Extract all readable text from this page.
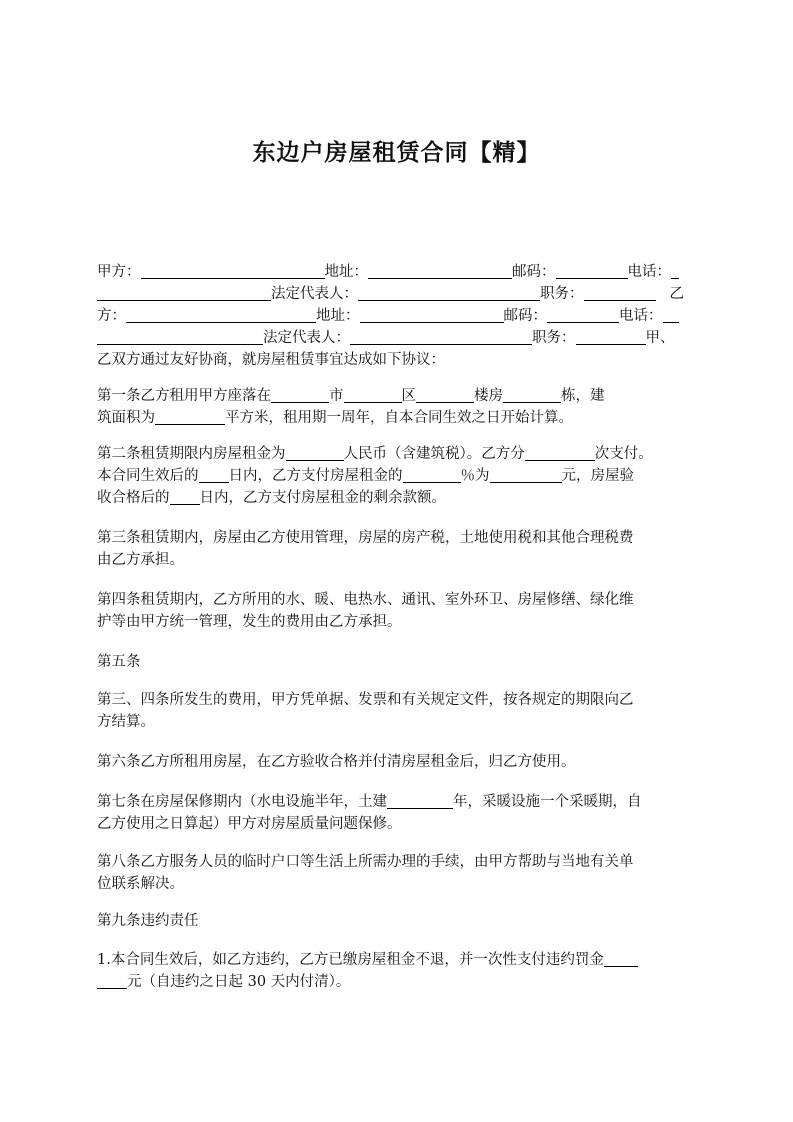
东边户房屋租赁合同【精】
甲方：	地址：	邮码：	电话：
法定代表人：	职务：	乙
方：	地址：	邮码：	电话：
法定代表人：	职务：	甲、
乙双方通过友好协商，就房屋租赁事宜达成如下协议：
第一条乙方租用甲方座落在	市	区	楼房	栋，建
筑面积为	平方米，租用期一周年，自本合同生效之日开始计算。
第二条租赁期限内房屋租金为	人民币（含建筑税）。乙方分	次支付。
本合同生效后的 日内，乙方支付房屋租金的	％为	元，房屋验
收合格后的 日内，乙方支付房屋租金的剩余款额。
第三条租赁期内，房屋由乙方使用管理，房屋的房产税，土地使用税和其他合理税费
由乙方承担。
第四条租赁期内，乙方所用的水、暖、电热水、通讯、室外环卫、房屋修缮、绿化维
护等由甲方统一管理，发生的费用由乙方承担。
第五条
第三、四条所发生的费用，甲方凭单据、发票和有关规定文件，按各规定的期限向乙
方结算。
第六条乙方所租用房屋，在乙方验收合格并付清房屋租金后，归乙方使用。
第七条在房屋保修期内（水电设施半年，土建	年，采暖设施一个采暖期，自
乙方使用之日算起）甲方对房屋质量问题保修。
第八条乙方服务人员的临时户口等生活上所需办理的手续，由甲方帮助与当地有关单
位联系解决。
第九条违约责任
1.本合同生效后，如乙方违约，乙方已缴房屋租金不退，并一次性支付违约罚金
元（自违约之日起 30 天内付清）。
